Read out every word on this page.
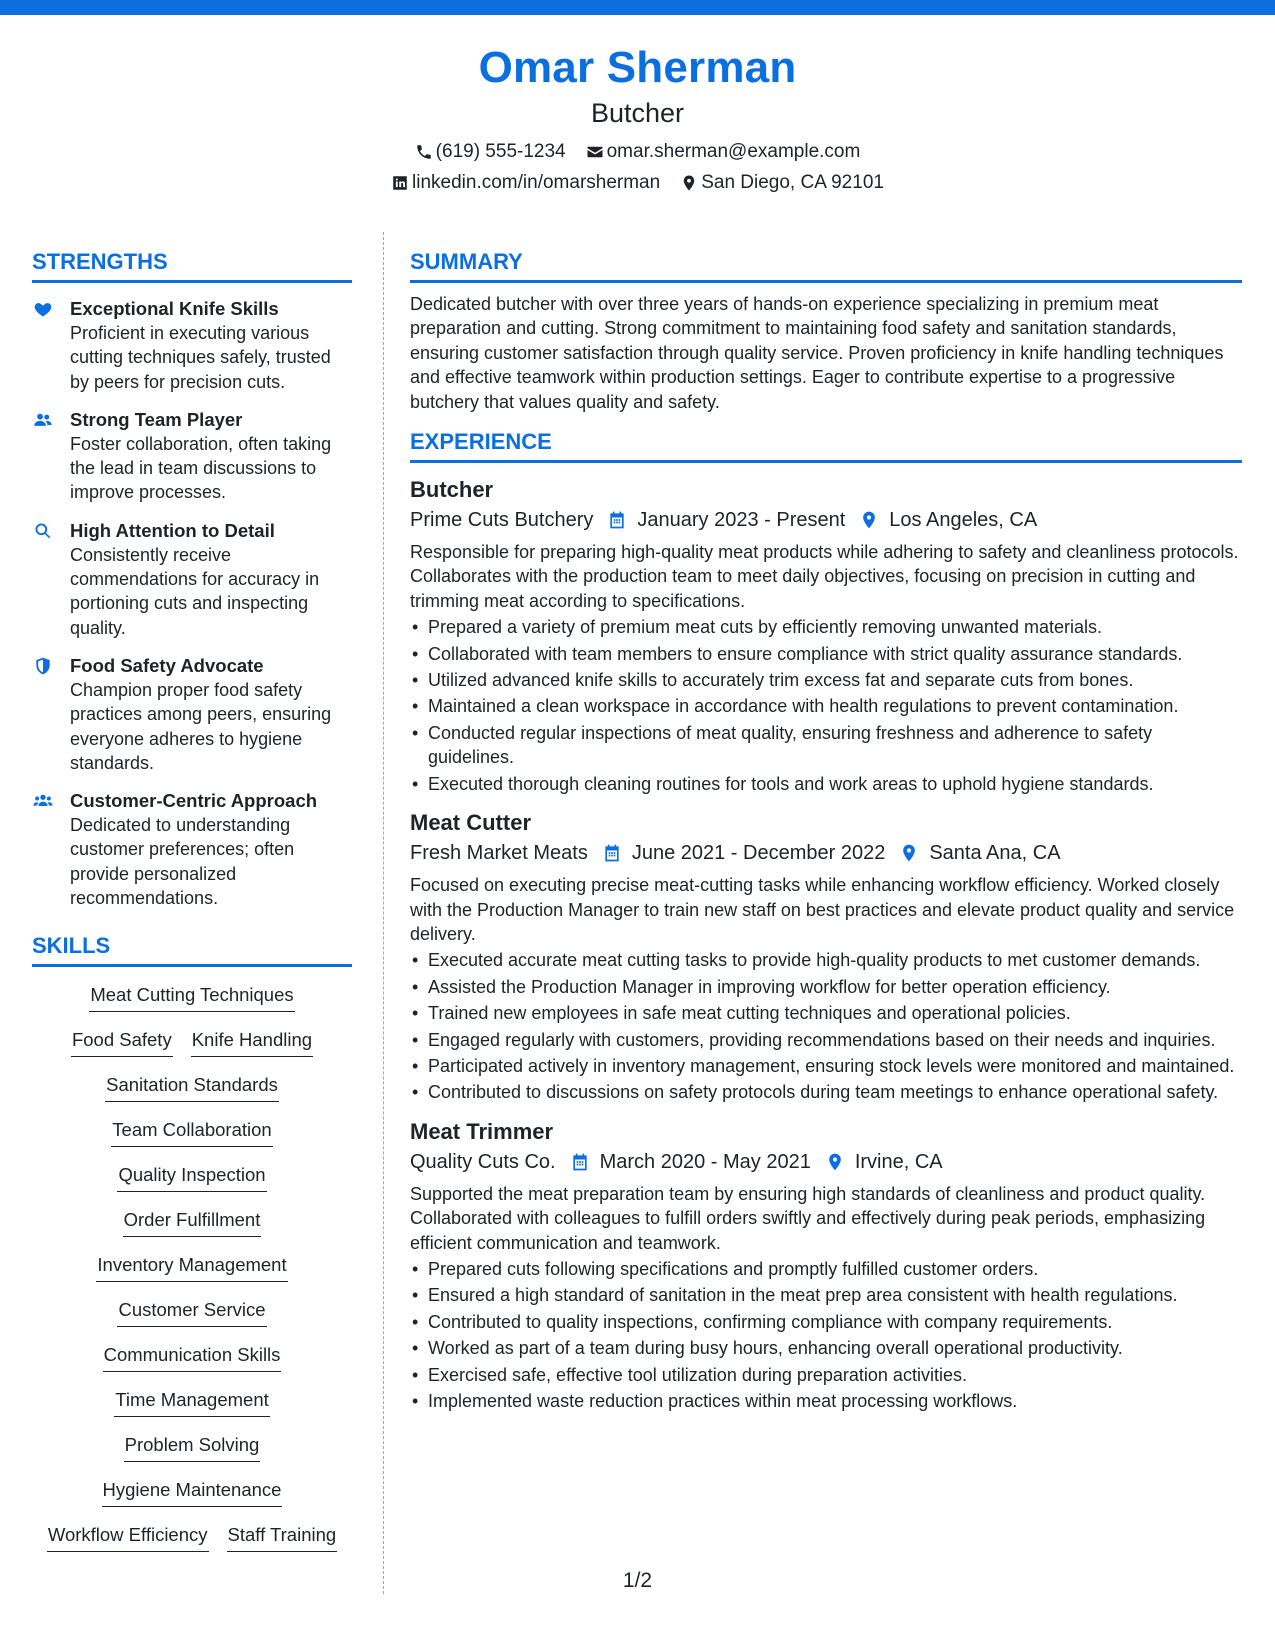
Omar Sherman
Butcher
(619) 555-1234 omar.sherman@example.com
linkedin.com/in/omarsherman San Diego, CA 92101
STRENGTHS
Exceptional Knife Skills
Proficient in executing various cutting techniques safely, trusted by peers for precision cuts.
Strong Team Player
Foster collaboration, often taking the lead in team discussions to improve processes.
High Attention to Detail
Consistently receive commendations for accuracy in portioning cuts and inspecting quality.
Food Safety Advocate
Champion proper food safety practices among peers, ensuring everyone adheres to hygiene standards.
Customer-Centric Approach
Dedicated to understanding customer preferences; often provide personalized recommendations.
SKILLS
Meat Cutting Techniques
Food Safety Knife Handling
Sanitation Standards
Team Collaboration
Quality Inspection
Order Fulfillment
Inventory Management
Customer Service
Communication Skills
Time Management
Problem Solving
Hygiene Maintenance
Workflow Efficiency Staff Training
SUMMARY
Dedicated butcher with over three years of hands-on experience specializing in premium meat preparation and cutting. Strong commitment to maintaining food safety and sanitation standards, ensuring customer satisfaction through quality service. Proven proficiency in knife handling techniques and effective teamwork within production settings. Eager to contribute expertise to a progressive butchery that values quality and safety.
EXPERIENCE
Butcher
Prime Cuts Butchery January 2023 - Present Los Angeles, CA
Responsible for preparing high-quality meat products while adhering to safety and cleanliness protocols. Collaborates with the production team to meet daily objectives, focusing on precision in cutting and trimming meat according to specifications.
• Prepared a variety of premium meat cuts by efficiently removing unwanted materials.
• Collaborated with team members to ensure compliance with strict quality assurance standards.
• Utilized advanced knife skills to accurately trim excess fat and separate cuts from bones.
• Maintained a clean workspace in accordance with health regulations to prevent contamination.
• Conducted regular inspections of meat quality, ensuring freshness and adherence to safety guidelines.
• Executed thorough cleaning routines for tools and work areas to uphold hygiene standards.
Meat Cutter
Fresh Market Meats June 2021 - December 2022 Santa Ana, CA
Focused on executing precise meat-cutting tasks while enhancing workflow efficiency. Worked closely with the Production Manager to train new staff on best practices and elevate product quality and service delivery.
• Executed accurate meat cutting tasks to provide high-quality products to met customer demands.
• Assisted the Production Manager in improving workflow for better operation efficiency.
• Trained new employees in safe meat cutting techniques and operational policies.
• Engaged regularly with customers, providing recommendations based on their needs and inquiries.
• Participated actively in inventory management, ensuring stock levels were monitored and maintained.
• Contributed to discussions on safety protocols during team meetings to enhance operational safety.
Meat Trimmer
Quality Cuts Co. March 2020 - May 2021 Irvine, CA
Supported the meat preparation team by ensuring high standards of cleanliness and product quality. Collaborated with colleagues to fulfill orders swiftly and effectively during peak periods, emphasizing efficient communication and teamwork.
• Prepared cuts following specifications and promptly fulfilled customer orders.
• Ensured a high standard of sanitation in the meat prep area consistent with health regulations.
• Contributed to quality inspections, confirming compliance with company requirements.
• Worked as part of a team during busy hours, enhancing overall operational productivity.
• Exercised safe, effective tool utilization during preparation activities.
• Implemented waste reduction practices within meat processing workflows.
1/2
